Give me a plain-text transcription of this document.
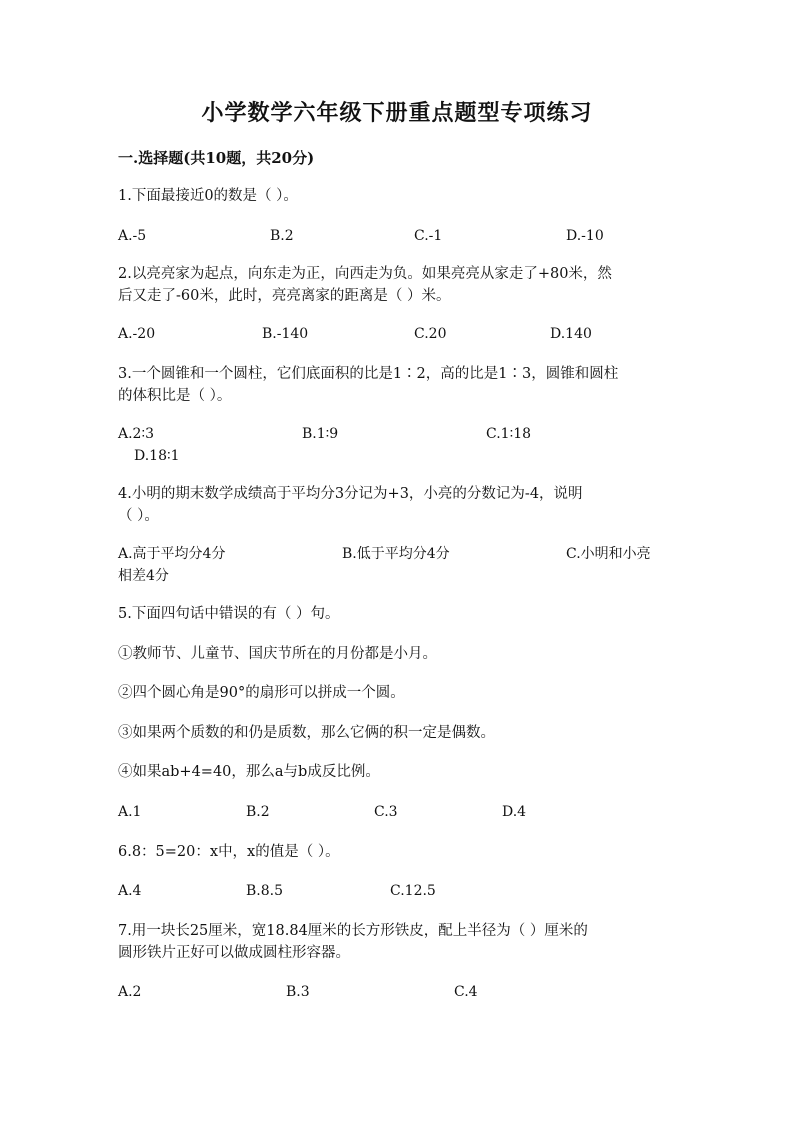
小学数学六年级下册重点题型专项练习
一.选择题(共10题，共20分)
1.下面最接近0的数是（ ）。
A.-5	B.2	C.-1	D.-10
2.以亮亮家为起点，向东走为正，向西走为负。如果亮亮从家走了+80米，然
后又走了-60米，此时，亮亮离家的距离是（ ）米。
A.-20	B.-140	C.20	D.140
3.一个圆锥和一个圆柱，它们底面积的比是1∶2，高的比是1∶3，圆锥和圆柱
的体积比是（ ）。
A.2∶3	B.1∶9	C.1∶18
D.18∶1
4.小明的期末数学成绩高于平均分3分记为+3，小亮的分数记为-4，说明
（ ）。
A.高于平均分4分	B.低于平均分4分	C.小明和小亮
相差4分
5.下面四句话中错误的有（ ）句。
①教师节、儿童节、国庆节所在的月份都是小月。
②四个圆心角是90°的扇形可以拼成一个圆。
③如果两个质数的和仍是质数，那么它俩的积一定是偶数。
④如果ab+4=40，那么a与b成反比例。
A.1	B.2	C.3	D.4
6.8：5=20：x中，x的值是（ ）。
A.4	B.8.5	C.12.5
7.用一块长25厘米，宽18.84厘米的长方形铁皮，配上半径为（ ）厘米的
圆形铁片正好可以做成圆柱形容器。
A.2	B.3	C.4
